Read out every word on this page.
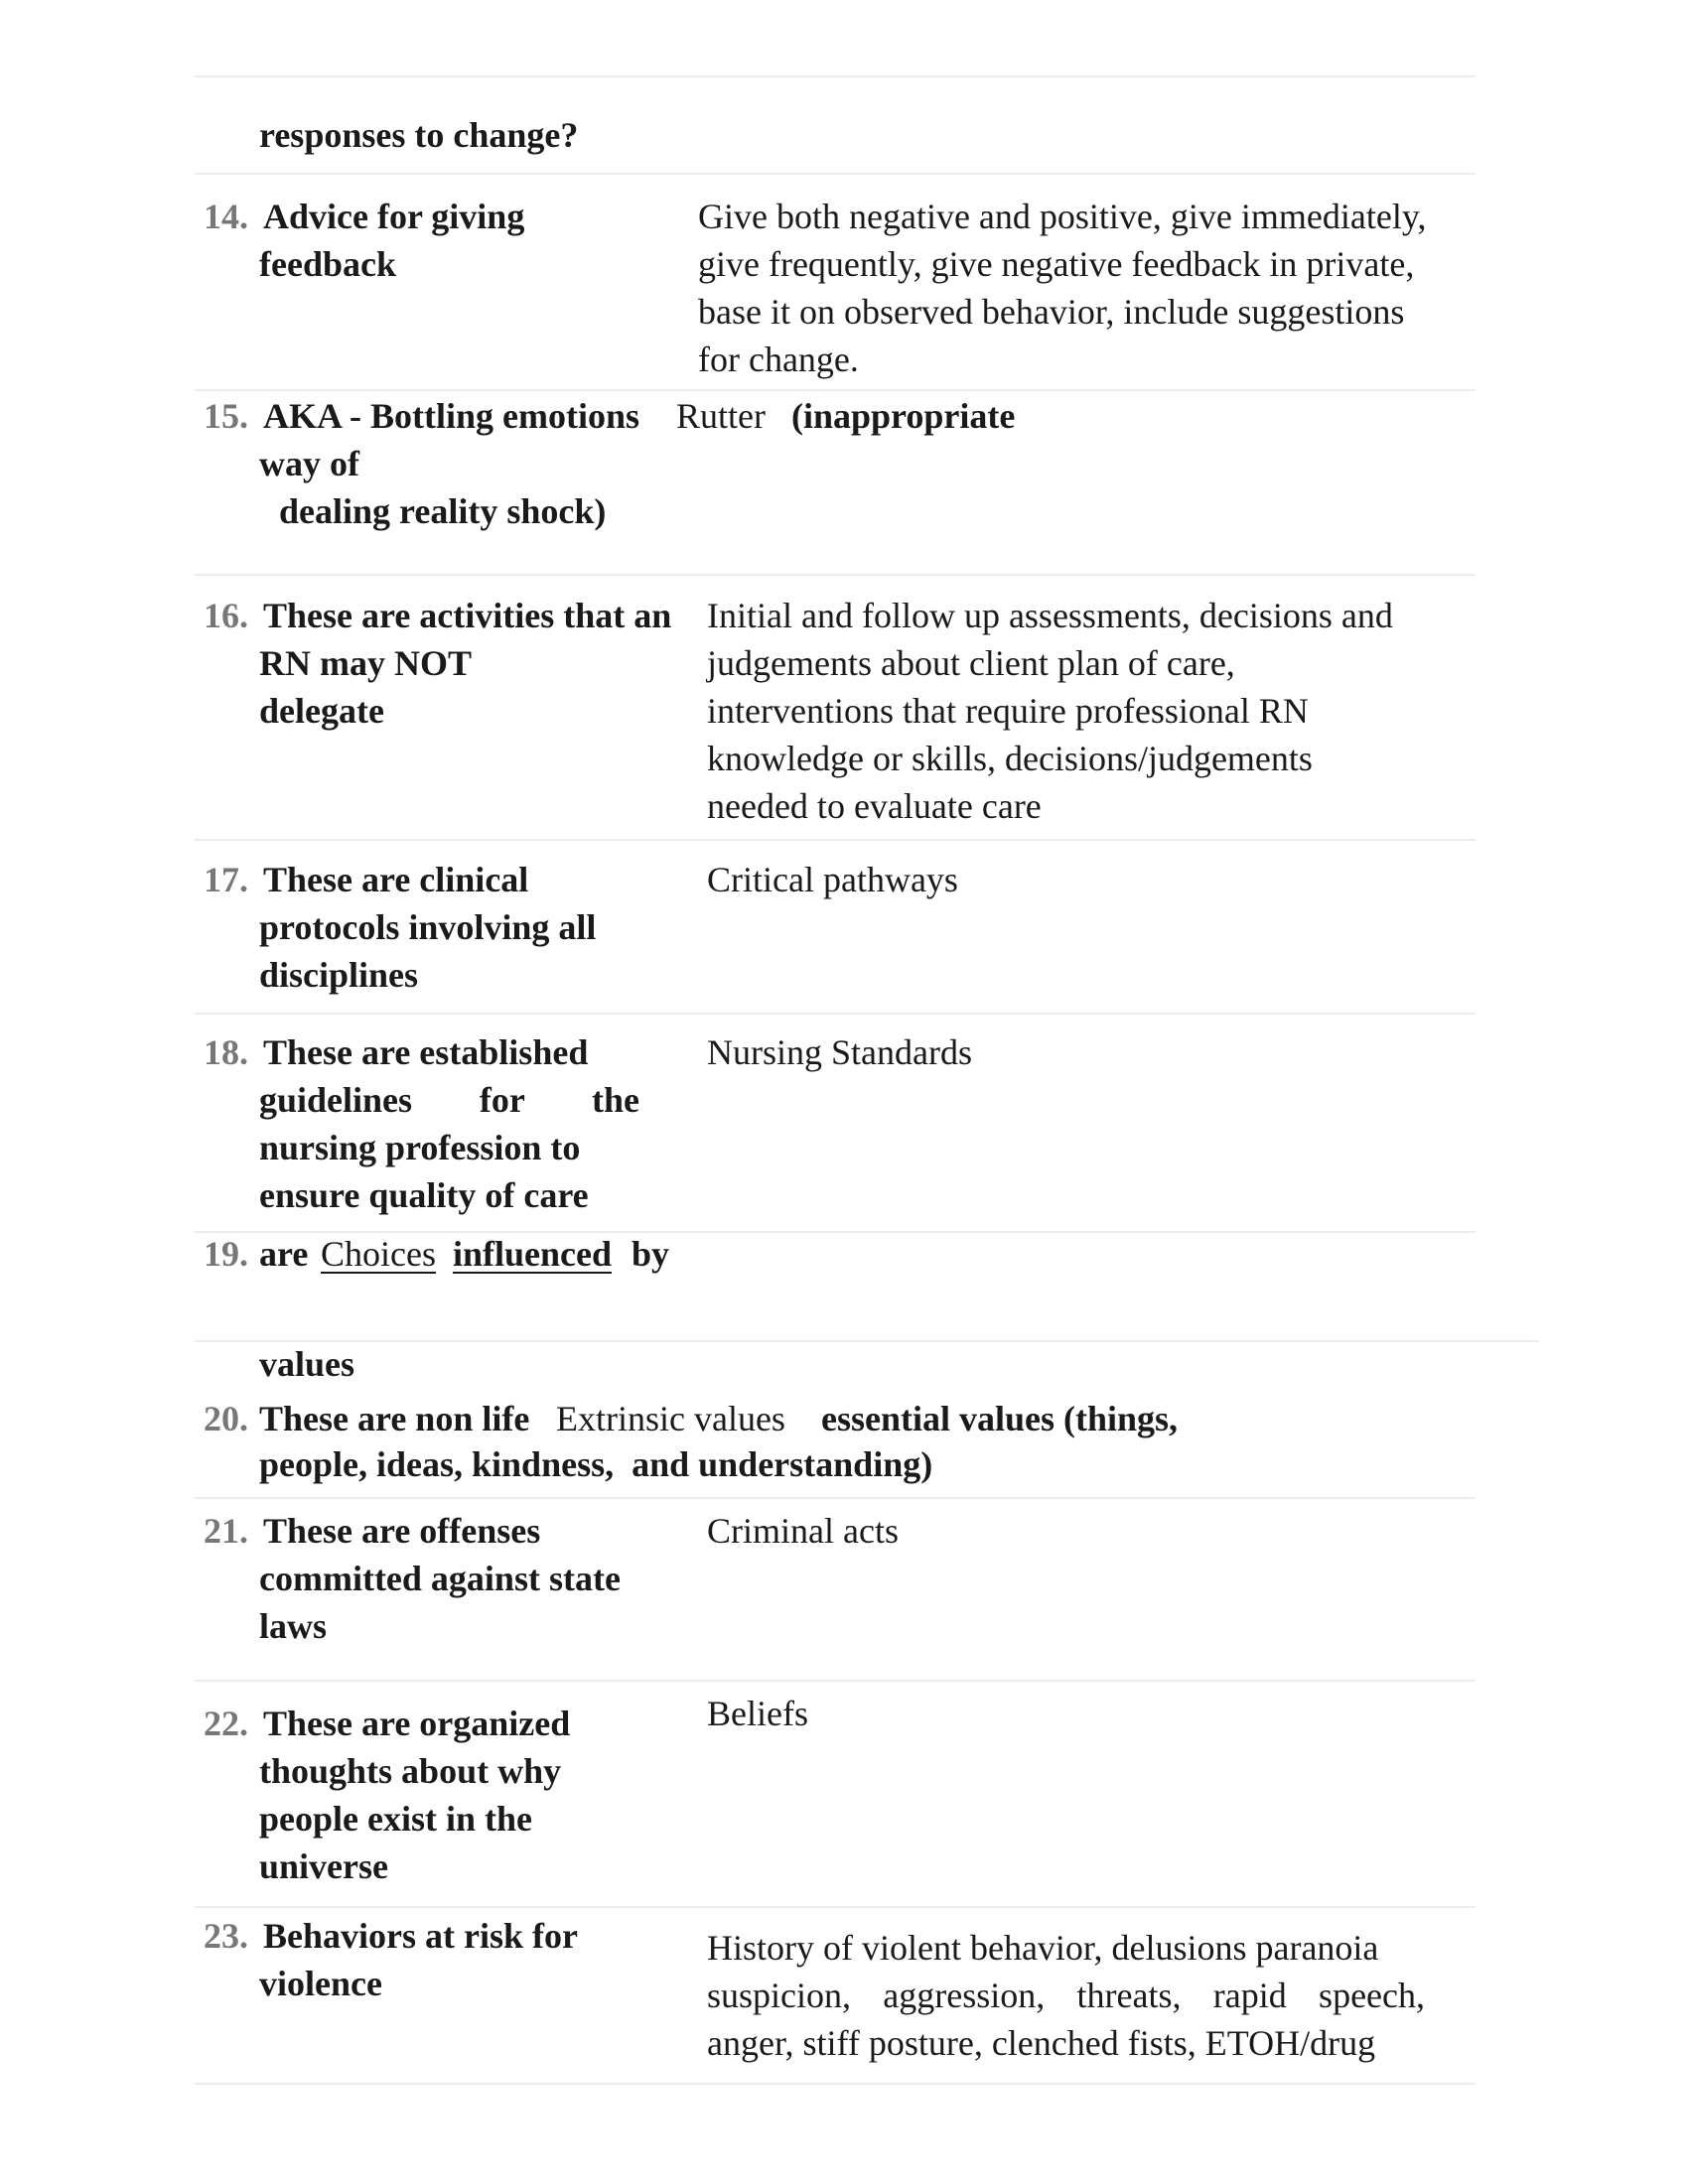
responses to change?
14. Advice for giving
feedback
Give both negative and positive, give immediately,
give frequently, give negative feedback in private,
base it on observed behavior, include suggestions
for change.
15. AKA - Bottling emotions Rutter (inappropriate
way of
dealing reality shock)
16. These are activities that an
RN may NOT
delegate
Initial and follow up assessments, decisions and
judgements about client plan of care,
interventions that require professional RN
knowledge or skills, decisions/judgements
needed to evaluate care
17. These are clinical
protocols involving all
disciplines
Critical pathways
18. These are established
guidelines for the
nursing profession to
ensure quality of care
Nursing Standards
19. are Choices influenced by
values
20. These are non life Extrinsic values essential values (things,
people, ideas, kindness,  and understanding)
21. These are offenses
committed against state
laws
Criminal acts
22. These are organized
thoughts about why
people exist in the
universe
Beliefs
23. Behaviors at risk for
violence
History of violent behavior, delusions paranoia
suspicion,  aggression,  threats,  rapid  speech,
anger, stiff posture, clenched fists, ETOH/drug
